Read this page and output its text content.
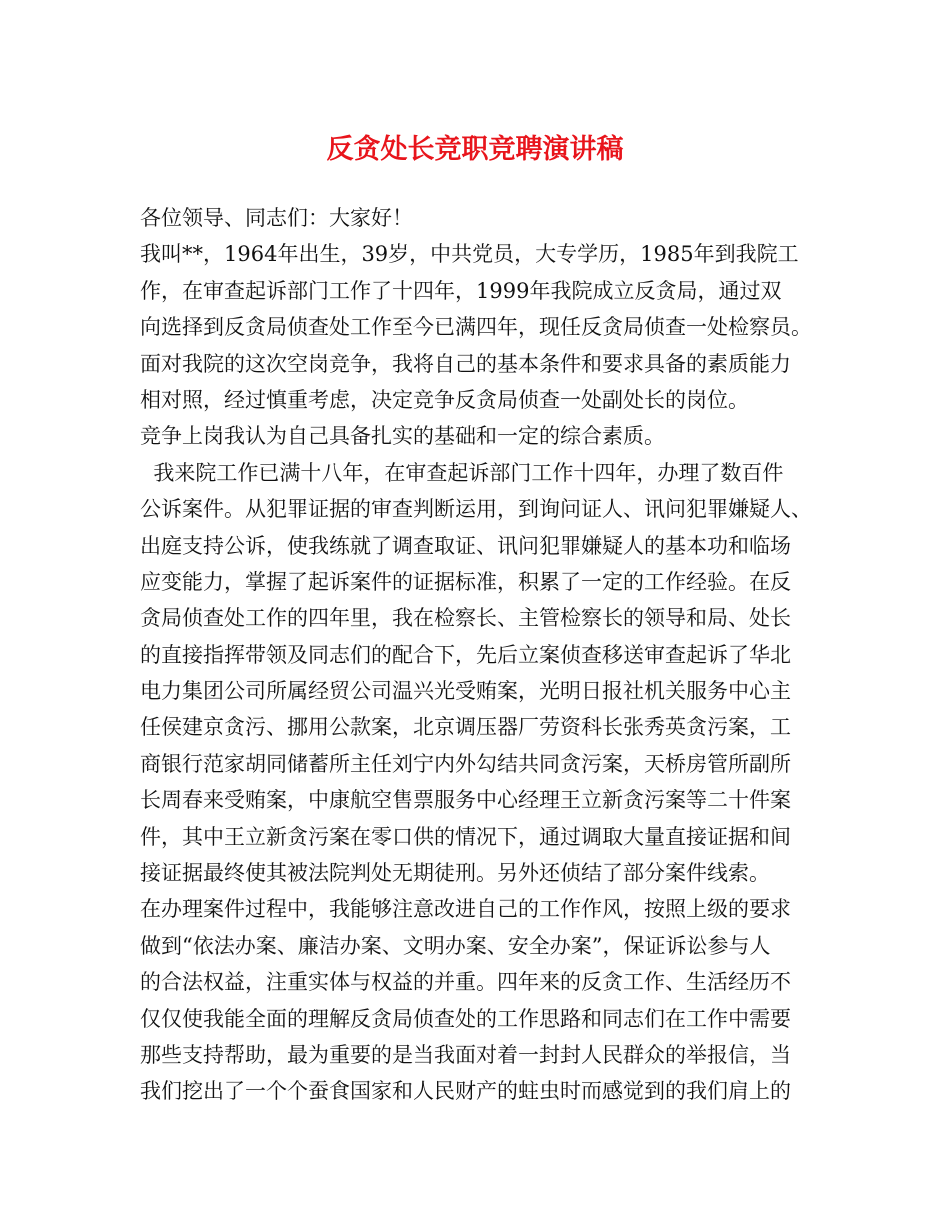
反贪处长竞职竞聘演讲稿
各位领导、同志们：大家好！
我叫**，1964年出生，39岁，中共党员，大专学历，1985年到我院工
作，在审查起诉部门工作了十四年，1999年我院成立反贪局，通过双
向选择到反贪局侦查处工作至今已满四年，现任反贪局侦查一处检察员。
面对我院的这次空岗竞争，我将自己的基本条件和要求具备的素质能力
相对照，经过慎重考虑，决定竞争反贪局侦查一处副处长的岗位。
竞争上岗我认为自己具备扎实的基础和一定的综合素质。
我来院工作已满十八年，在审查起诉部门工作十四年，办理了数百件
公诉案件。从犯罪证据的审查判断运用，到询问证人、讯问犯罪嫌疑人、
出庭支持公诉，使我练就了调查取证、讯问犯罪嫌疑人的基本功和临场
应变能力，掌握了起诉案件的证据标准，积累了一定的工作经验。在反
贪局侦查处工作的四年里，我在检察长、主管检察长的领导和局、处长
的直接指挥带领及同志们的配合下，先后立案侦查移送审查起诉了华北
电力集团公司所属经贸公司温兴光受贿案，光明日报社机关服务中心主
任侯建京贪污、挪用公款案，北京调压器厂劳资科长张秀英贪污案，工
商银行范家胡同储蓄所主任刘宁内外勾结共同贪污案，天桥房管所副所
长周春来受贿案，中康航空售票服务中心经理王立新贪污案等二十件案
件，其中王立新贪污案在零口供的情况下，通过调取大量直接证据和间
接证据最终使其被法院判处无期徒刑。另外还侦结了部分案件线索。
在办理案件过程中，我能够注意改进自己的工作作风，按照上级的要求
做到“依法办案、廉洁办案、文明办案、安全办案”，保证诉讼参与人
的合法权益，注重实体与权益的并重。四年来的反贪工作、生活经历不
仅仅使我能全面的理解反贪局侦查处的工作思路和同志们在工作中需要
那些支持帮助，最为重要的是当我面对着一封封人民群众的举报信，当
我们挖出了一个个蚕食国家和人民财产的蛀虫时而感觉到的我们肩上的
